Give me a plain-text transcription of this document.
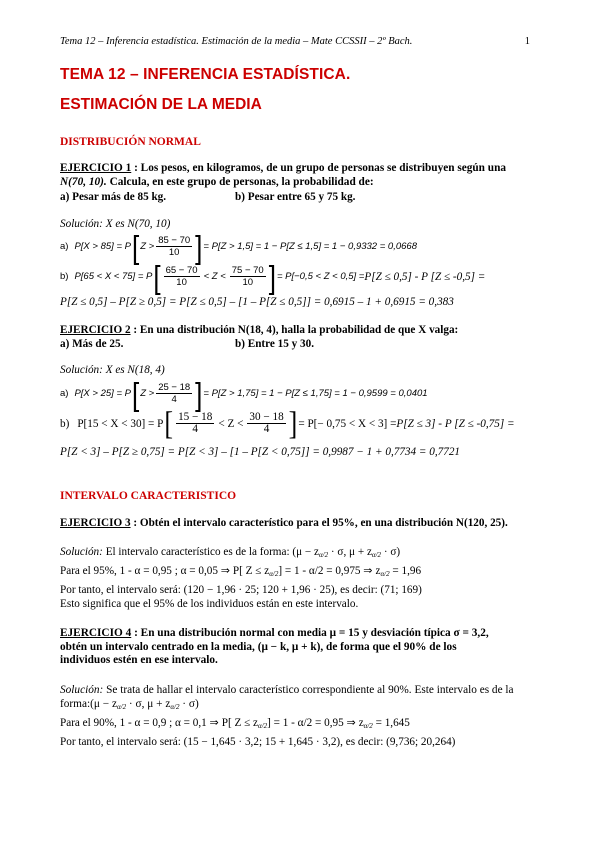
Tema 12 – Inferencia estadística. Estimación de la media – Mate CCSSII – 2º Bach.	1
TEMA 12 – INFERENCIA ESTADÍSTICA.
ESTIMACIÓN DE LA MEDIA
DISTRIBUCIÓN NORMAL
EJERCICIO 1 : Los pesos, en kilogramos, de un grupo de personas se distribuyen según una
N(70, 10). Calcula, en este grupo de personas, la probabilidad de:
a) Pesar más de 85 kg.	b) Pesar entre 65 y 75 kg.
Solución: X es N(70, 10)
a) P[X > 85] = P [ $Z > \frac{85 - 70}{10}$ ] = P[Z > 1,5] = 1 − P[Z ≤ 1,5] = 1 − 0,9332 = 0,0668
b) P[65 < X < 75] = P [ $\frac{65 - 70}{10} < Z < \frac{75 - 70}{10}$ ] = P[−0,5 < Z < 0,5] = P[Z ≤ 0,5] - P [Z ≤ -0,5] =
P[Z ≤ 0,5] – P[Z ≥ 0,5] = P[Z ≤ 0,5] – [1 – P[Z ≤ 0,5]] = 0,6915 – 1 + 0,6915 = 0,383
EJERCICIO 2 : En una distribución N(18, 4), halla la probabilidad de que X valga:
a) Más de 25.	b) Entre 15 y 30.
Solución: X es N(18, 4)
a) P[X > 25] = P [ $Z > \frac{25 - 18}{4}$ ] = P[Z > 1,75] = 1 − P[Z ≤ 1,75] = 1 − 0,9599 = 0,0401
b) P[15 < X < 30] = P [ $\frac{15 - 18}{4} < Z < \frac{30 - 18}{4}$ ] = P[− 0,75 < X < 3] = P[Z ≤ 3] - P [Z ≤ -0,75] =
P[Z < 3] – P[Z ≥ 0,75] = P[Z < 3] – [1 – P[Z < 0,75]] = 0,9987 − 1 + 0,7734 = 0,7721
INTERVALO CARACTERISTICO
EJERCICIO 3 : Obtén el intervalo característico para el 95%, en una distribución N(120, 25).
Solución: El intervalo característico es de la forma: ($\mu - z_{\alpha/2} \cdot \sigma$, $\mu + z_{\alpha/2} \cdot \sigma$)
Para el 95%, 1 - α = 0,95 ; α = 0,05 ⇒ P[ $Z \le z_{\alpha/2}] = 1 - \alpha/2 = 0,975$ ⇒ $z_{\alpha/2} = 1,96$
Por tanto, el intervalo será: (120 − 1,96 · 25; 120 + 1,96 · 25), es decir: (71; 169)
Esto significa que el 95% de los individuos están en este intervalo.
EJERCICIO 4 : En una distribución normal con media μ = 15 y desviación típica σ = 3,2,
obtén un intervalo centrado en la media, (μ − k, μ + k), de forma que el 90% de los
individuos estén en ese intervalo.
Solución: Se trata de hallar el intervalo característico correspondiente al 90%. Este intervalo es de la
forma:(μ − $z_{\alpha/2} \cdot \sigma$, $\mu + z_{\alpha/2} \cdot \sigma$)
Para el 90%, 1 - α = 0,9 ; α = 0,1 ⇒ P[ $Z \le z_{\alpha/2}] = 1 - \alpha/2 = 0,95$ ⇒ $z_{\alpha/2} = 1,645$
Por tanto, el intervalo será: (15 − 1,645 · 3,2; 15 + 1,645 · 3,2), es decir: (9,736; 20,264)
